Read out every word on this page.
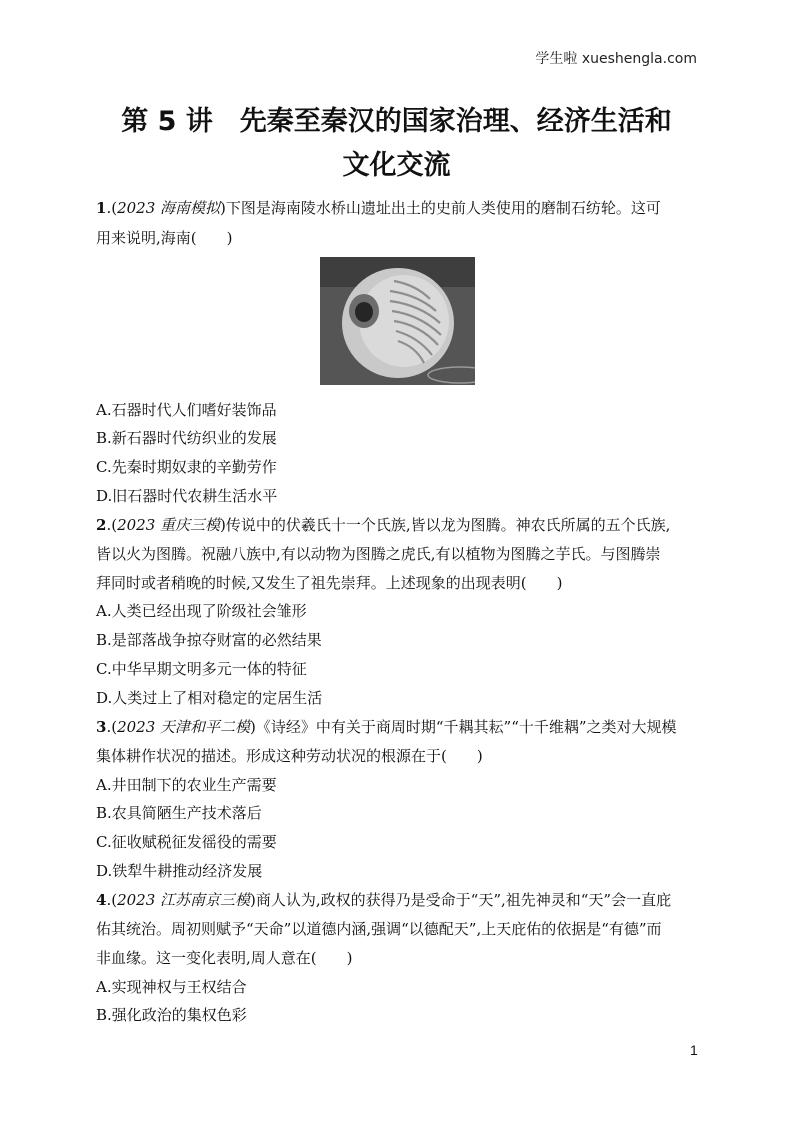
学生啦 xueshengla.com
第 5 讲　先秦至秦汉的国家治理、经济生活和
文化交流
1.(2023 海南模拟)下图是海南陵水桥山遗址出土的史前人类使用的磨制石纺轮。这可
用来说明,海南(　　)
A.石器时代人们嗜好装饰品
B.新石器时代纺织业的发展
C.先秦时期奴隶的辛勤劳作
D.旧石器时代农耕生活水平
2.(2023 重庆三模)传说中的伏羲氏十一个氏族,皆以龙为图腾。神农氏所属的五个氏族,
皆以火为图腾。祝融八族中,有以动物为图腾之虎氏,有以植物为图腾之芋氏。与图腾崇
拜同时或者稍晚的时候,又发生了祖先崇拜。上述现象的出现表明(　　)
A.人类已经出现了阶级社会雏形
B.是部落战争掠夺财富的必然结果
C.中华早期文明多元一体的特征
D.人类过上了相对稳定的定居生活
3.(2023 天津和平二模)《诗经》中有关于商周时期“千耦其耘”“十千维耦”之类对大规模
集体耕作状况的描述。形成这种劳动状况的根源在于(　　)
A.井田制下的农业生产需要
B.农具简陋生产技术落后
C.征收赋税征发徭役的需要
D.铁犁牛耕推动经济发展
4.(2023 江苏南京三模)商人认为,政权的获得乃是受命于“天”,祖先神灵和“天”会一直庇
佑其统治。周初则赋予“天命”以道德内涵,强调“以德配天”,上天庇佑的依据是“有德”而
非血缘。这一变化表明,周人意在(　　)
A.实现神权与王权结合
B.强化政治的集权色彩
1
